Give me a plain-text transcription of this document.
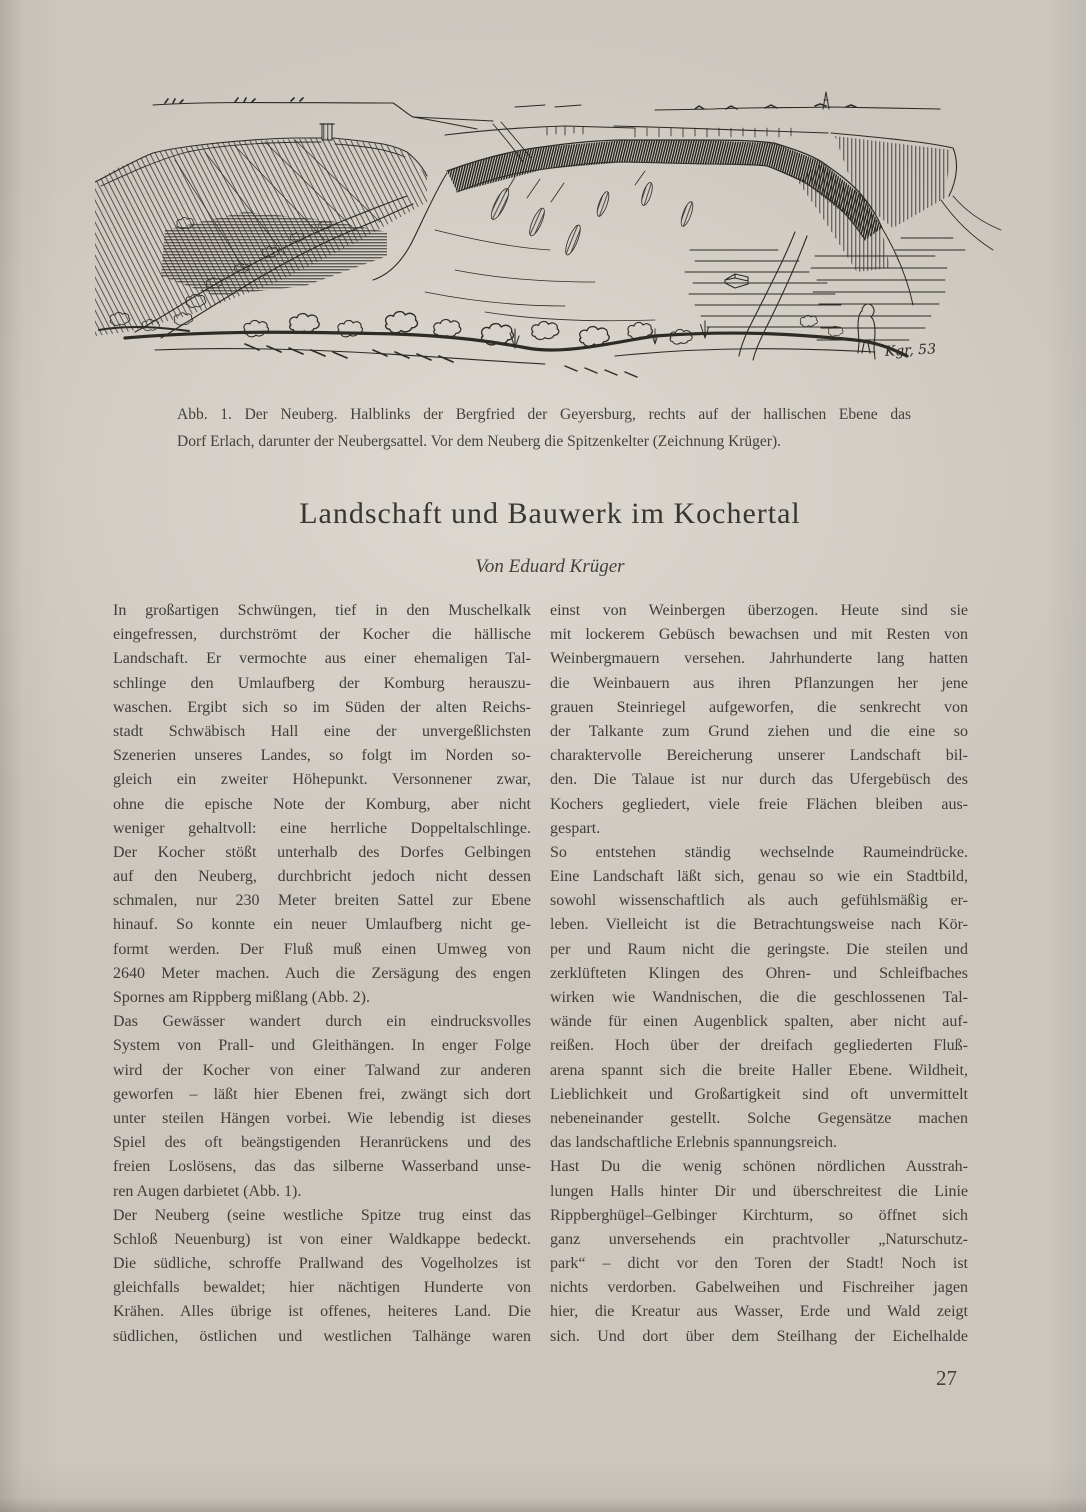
Kgr, 53
Abb. 1. Der Neuberg. Halblinks der Bergfried der Geyersburg, rechts auf der hallischen Ebene das
Dorf Erlach, darunter der Neubergsattel. Vor dem Neuberg die Spitzenkelter (Zeichnung Krüger).
Landschaft und Bauwerk im Kochertal
Von Eduard Krüger
In großartigen Schwüngen, tief in den Muschelkalk
eingefressen, durchströmt der Kocher die hällische
Landschaft. Er vermochte aus einer ehemaligen Tal-
schlinge den Umlaufberg der Komburg herauszu-
waschen. Ergibt sich so im Süden der alten Reichs-
stadt Schwäbisch Hall eine der unvergeßlichsten
Szenerien unseres Landes, so folgt im Norden so-
gleich ein zweiter Höhepunkt. Versonnener zwar,
ohne die epische Note der Komburg, aber nicht
weniger gehaltvoll: eine herrliche Doppeltalschlinge.
Der Kocher stößt unterhalb des Dorfes Gelbingen
auf den Neuberg, durchbricht jedoch nicht dessen
schmalen, nur 230 Meter breiten Sattel zur Ebene
hinauf. So konnte ein neuer Umlaufberg nicht ge-
formt werden. Der Fluß muß einen Umweg von
2640 Meter machen. Auch die Zersägung des engen
Spornes am Rippberg mißlang (Abb. 2).
Das Gewässer wandert durch ein eindrucksvolles
System von Prall- und Gleithängen. In enger Folge
wird der Kocher von einer Talwand zur anderen
geworfen – läßt hier Ebenen frei, zwängt sich dort
unter steilen Hängen vorbei. Wie lebendig ist dieses
Spiel des oft beängstigenden Heranrückens und des
freien Loslösens, das das silberne Wasserband unse-
ren Augen darbietet (Abb. 1).
Der Neuberg (seine westliche Spitze trug einst das
Schloß Neuenburg) ist von einer Waldkappe bedeckt.
Die südliche, schroffe Prallwand des Vogelholzes ist
gleichfalls bewaldet; hier nächtigen Hunderte von
Krähen. Alles übrige ist offenes, heiteres Land. Die
südlichen, östlichen und westlichen Talhänge waren
einst von Weinbergen überzogen. Heute sind sie
mit lockerem Gebüsch bewachsen und mit Resten von
Weinbergmauern versehen. Jahrhunderte lang hatten
die Weinbauern aus ihren Pflanzungen her jene
grauen Steinriegel aufgeworfen, die senkrecht von
der Talkante zum Grund ziehen und die eine so
charaktervolle Bereicherung unserer Landschaft bil-
den. Die Talaue ist nur durch das Ufergebüsch des
Kochers gegliedert, viele freie Flächen bleiben aus-
gespart.
So entstehen ständig wechselnde Raumeindrücke.
Eine Landschaft läßt sich, genau so wie ein Stadtbild,
sowohl wissenschaftlich als auch gefühlsmäßig er-
leben. Vielleicht ist die Betrachtungsweise nach Kör-
per und Raum nicht die geringste. Die steilen und
zerklüfteten Klingen des Ohren- und Schleifbaches
wirken wie Wandnischen, die die geschlossenen Tal-
wände für einen Augenblick spalten, aber nicht auf-
reißen. Hoch über der dreifach gegliederten Fluß-
arena spannt sich die breite Haller Ebene. Wildheit,
Lieblichkeit und Großartigkeit sind oft unvermittelt
nebeneinander gestellt. Solche Gegensätze machen
das landschaftliche Erlebnis spannungsreich.
Hast Du die wenig schönen nördlichen Ausstrah-
lungen Halls hinter Dir und überschreitest die Linie
Rippberghügel–Gelbinger Kirchturm, so öffnet sich
ganz unversehends ein prachtvoller „Naturschutz-
park“ – dicht vor den Toren der Stadt! Noch ist
nichts verdorben. Gabelweihen und Fischreiher jagen
hier, die Kreatur aus Wasser, Erde und Wald zeigt
sich. Und dort über dem Steilhang der Eichelhalde
27
